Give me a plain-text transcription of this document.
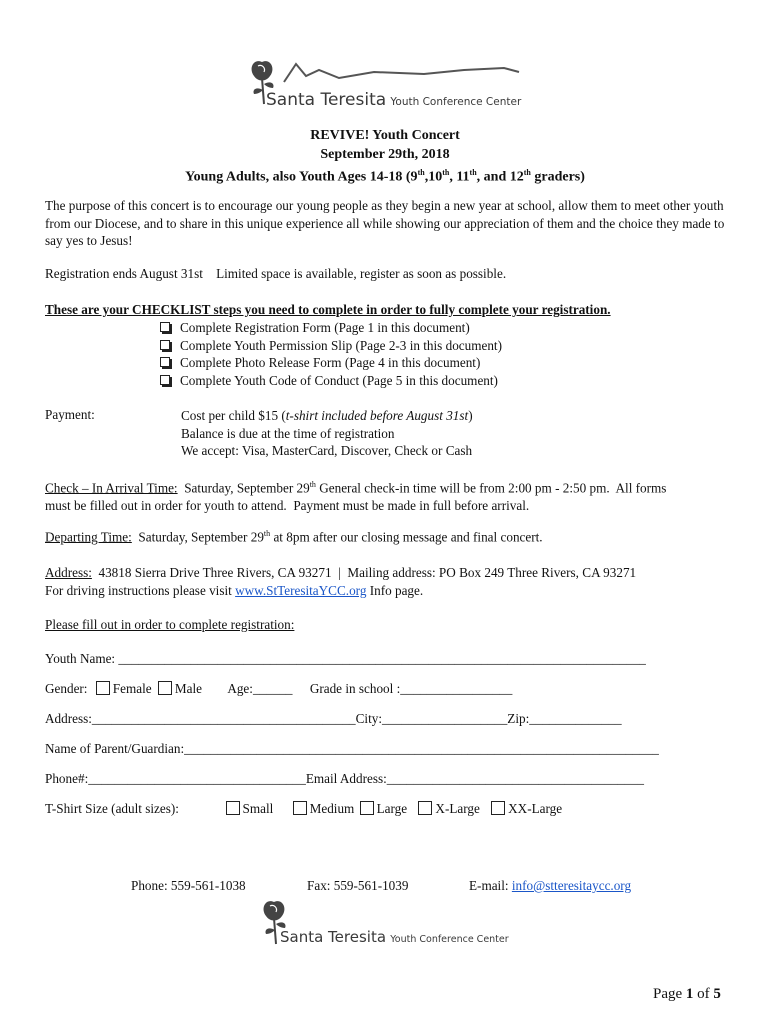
Santa Teresita Youth Conference Center
REVIVE! Youth Concert
September 29th, 2018
Young Adults, also Youth Ages 14-18 (9th,10th, 11th, and 12th graders)
The purpose of this concert is to encourage our young people as they begin a new year at school, allow them to meet other youth from our Diocese, and to share in this unique experience all while showing our appreciation of them and the choice they made to say yes to Jesus!
Registration ends August 31st    Limited space is available, register as soon as possible.
These are your CHECKLIST steps you need to complete in order to fully complete your registration.
Complete Registration Form (Page 1 in this document)
Complete Youth Permission Slip (Page 2-3 in this document)
Complete Photo Release Form (Page 4 in this document)
Complete Youth Code of Conduct (Page 5 in this document)
Payment:	Cost per child $15 (t-shirt included before August 31st)
Balance is due at the time of registration
We accept: Visa, MasterCard, Discover, Check or Cash
Check – In Arrival Time:  Saturday, September 29th General check-in time will be from 2:00 pm - 2:50 pm.  All forms
must be filled out in order for youth to attend.  Payment must be made in full before arrival.
Departing Time:  Saturday, September 29th at 8pm after our closing message and final concert.
Address:  43818 Sierra Drive Three Rivers, CA 93271  |  Mailing address: PO Box 249 Three Rivers, CA 93271
For driving instructions please visit www.StTeresitaYCC.org Info page.
Please fill out in order to complete registration:
Youth Name: ________________________________________________________________________________
Gender: Female Male Age:______ Grade in school :_________________
Address:________________________________________City:___________________Zip:______________
Name of Parent/Guardian:________________________________________________________________________
Phone#:_________________________________Email Address:_______________________________________
T-Shirt Size (adult sizes):	Small	Medium Large X-Large XX-Large
Phone: 559-561-1038	Fax: 559-561-1039	E-mail: info@stteresitaycc.org
Santa Teresita Youth Conference Center
Page 1 of 5
